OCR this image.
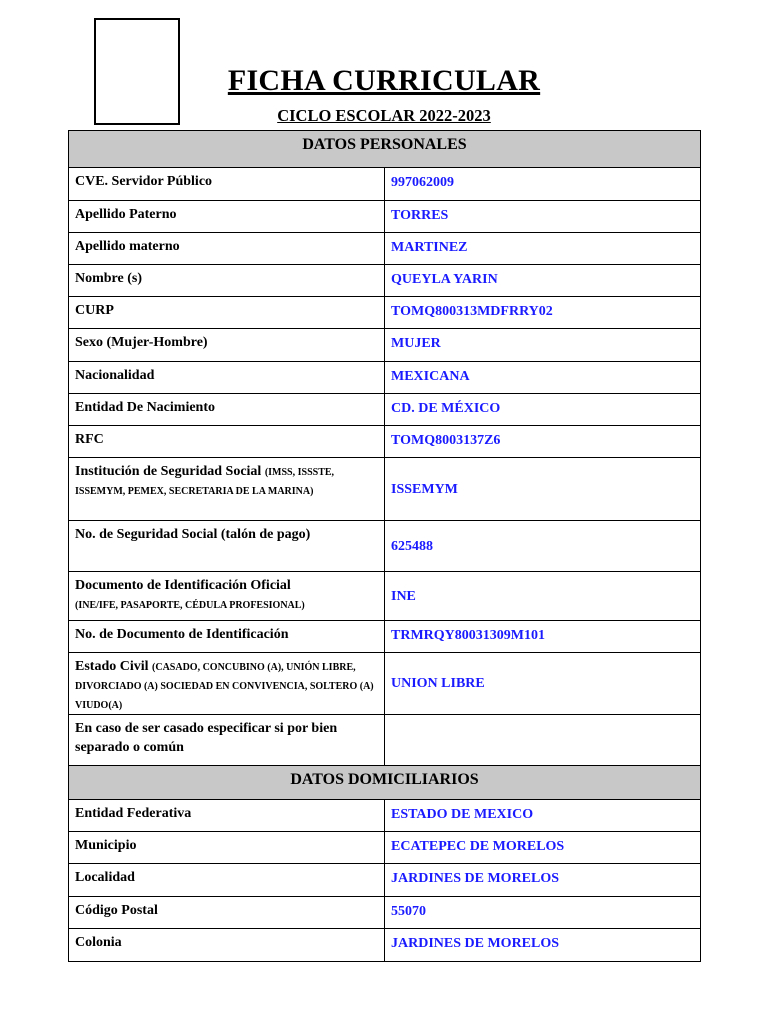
FICHA CURRICULAR
CICLO ESCOLAR 2022-2023
DATOS PERSONALES	
CVE. Servidor Público	997062009
Apellido Paterno	TORRES
Apellido materno	MARTINEZ
Nombre (s)	QUEYLA YARIN
CURP	TOMQ800313MDFRRY02
Sexo (Mujer-Hombre)	MUJER
Nacionalidad	MEXICANA
Entidad De Nacimiento	CD. DE MÉXICO
RFC	TOMQ8003137Z6
Institución de Seguridad Social (IMSS, ISSSTE, ISSEMYM, PEMEX, SECRETARIA DE LA MARINA)	ISSEMYM
No. de Seguridad Social (talón de pago)	625488
Documento de Identificación Oficial
(INE/IFE, PASAPORTE, CÉDULA PROFESIONAL)	INE
No. de Documento de Identificación	TRMRQY80031309M101
Estado Civil (CASADO, CONCUBINO (A), UNIÓN LIBRE, DIVORCIADO (A) SOCIEDAD EN CONVIVENCIA, SOLTERO (A) VIUDO(A)	UNION LIBRE
En caso de ser casado especificar si por bien separado o común	
DATOS DOMICILIARIOS	
Entidad Federativa	ESTADO DE MEXICO
Municipio	ECATEPEC DE MORELOS
Localidad	JARDINES DE MORELOS
Código Postal	55070
Colonia	JARDINES DE MORELOS
